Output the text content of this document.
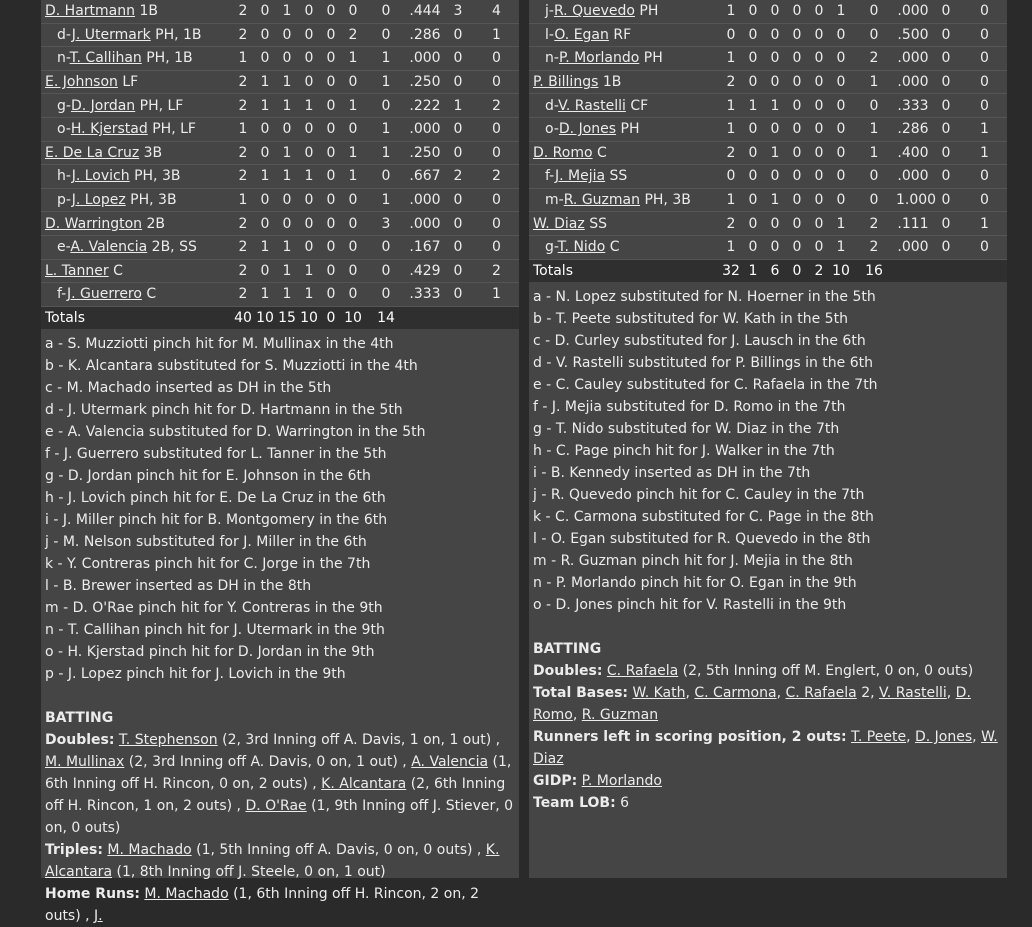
D. Hartmann 1B		2	0	1	0	0	0	0	.444	3	4
d-J. Utermark PH, 1B		2	0	0	0	0	2	0	.286	0	1
n-T. Callihan PH, 1B		1	0	0	0	0	1	1	.000	0	0
E. Johnson LF		2	1	1	0	0	0	1	.250	0	0
g-D. Jordan PH, LF		2	1	1	1	0	1	0	.222	1	2
o-H. Kjerstad PH, LF		1	0	0	0	0	0	1	.000	0	0
E. De La Cruz 3B		2	0	1	0	0	1	1	.250	0	0
h-J. Lovich PH, 3B		2	1	1	1	0	1	0	.667	2	2
p-J. Lopez PH, 3B		1	0	0	0	0	0	1	.000	0	0
D. Warrington 2B		2	0	0	0	0	0	3	.000	0	0
e-A. Valencia 2B, SS		2	1	1	0	0	0	0	.167	0	0
L. Tanner C		2	0	1	1	0	0	0	.429	0	2
f-J. Guerrero C		2	1	1	1	0	0	0	.333	0	1
Totals		40	10	15	10	0	10	14			
a - S. Muzziotti pinch hit for M. Mullinax in the 4th
b - K. Alcantara substituted for S. Muzziotti in the 4th
c - M. Machado inserted as DH in the 5th
d - J. Utermark pinch hit for D. Hartmann in the 5th
e - A. Valencia substituted for D. Warrington in the 5th
f - J. Guerrero substituted for L. Tanner in the 5th
g - D. Jordan pinch hit for E. Johnson in the 6th
h - J. Lovich pinch hit for E. De La Cruz in the 6th
i - J. Miller pinch hit for B. Montgomery in the 6th
j - M. Nelson substituted for J. Miller in the 6th
k - Y. Contreras pinch hit for C. Jorge in the 7th
l - B. Brewer inserted as DH in the 8th
m - D. O'Rae pinch hit for Y. Contreras in the 9th
n - T. Callihan pinch hit for J. Utermark in the 9th
o - H. Kjerstad pinch hit for D. Jordan in the 9th
p - J. Lopez pinch hit for J. Lovich in the 9th
BATTING
Doubles: T. Stephenson (2, 3rd Inning off A. Davis, 1 on, 1 out) , M. Mullinax (2, 3rd Inning off A. Davis, 0 on, 1 out) , A. Valencia (1, 6th Inning off H. Rincon, 0 on, 2 outs) , K. Alcantara (2, 6th Inning off H. Rincon, 1 on, 2 outs) , D. O'Rae (1, 9th Inning off J. Stiever, 0 on, 0 outs)
Triples: M. Machado (1, 5th Inning off A. Davis, 0 on, 0 outs) , K. Alcantara (1, 8th Inning off J. Steele, 0 on, 1 out)
Home Runs: M. Machado (1, 6th Inning off H. Rincon, 2 on, 2 outs) , J.
j-R. Quevedo PH		1	0	0	0	0	1	0	.000	0	0
l-O. Egan RF		0	0	0	0	0	0	0	.500	0	0
n-P. Morlando PH		1	0	0	0	0	0	2	.000	0	0
P. Billings 1B		2	0	0	0	0	0	1	.000	0	0
d-V. Rastelli CF		1	1	1	0	0	0	0	.333	0	0
o-D. Jones PH		1	0	0	0	0	0	1	.286	0	1
D. Romo C		2	0	1	0	0	0	1	.400	0	1
f-J. Mejia SS		0	0	0	0	0	0	0	.000	0	0
m-R. Guzman PH, 3B		1	0	1	0	0	0	0	1.000	0	0
W. Diaz SS		2	0	0	0	0	1	2	.111	0	1
g-T. Nido C		1	0	0	0	0	1	2	.000	0	0
Totals		32	1	6	0	2	10	16			
a - N. Lopez substituted for N. Hoerner in the 5th
b - T. Peete substituted for W. Kath in the 5th
c - D. Curley substituted for J. Lausch in the 6th
d - V. Rastelli substituted for P. Billings in the 6th
e - C. Cauley substituted for C. Rafaela in the 7th
f - J. Mejia substituted for D. Romo in the 7th
g - T. Nido substituted for W. Diaz in the 7th
h - C. Page pinch hit for J. Walker in the 7th
i - B. Kennedy inserted as DH in the 7th
j - R. Quevedo pinch hit for C. Cauley in the 7th
k - C. Carmona substituted for C. Page in the 8th
l - O. Egan substituted for R. Quevedo in the 8th
m - R. Guzman pinch hit for J. Mejia in the 8th
n - P. Morlando pinch hit for O. Egan in the 9th
o - D. Jones pinch hit for V. Rastelli in the 9th
BATTING
Doubles: C. Rafaela (2, 5th Inning off M. Englert, 0 on, 0 outs)
Total Bases: W. Kath, C. Carmona, C. Rafaela 2, V. Rastelli, D. Romo, R. Guzman
Runners left in scoring position, 2 outs: T. Peete, D. Jones, W. Diaz
GIDP: P. Morlando
Team LOB: 6
